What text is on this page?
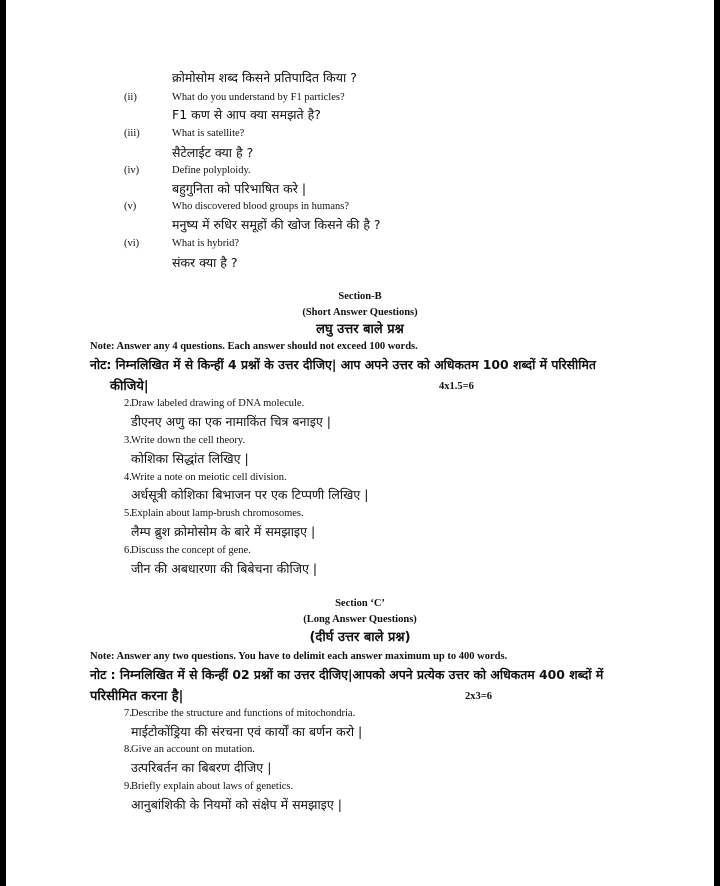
क्रोमोसोम शब्द किसने प्रतिपादित किया ?
(ii)	What do you understand by F1 particles?
F1 कण से आप क्या समझते है?
(iii)	What is satellite?
सैटेलाईट क्या है ?
(iv)	Define polyploidy.
बहुगुनिता को परिभाषित करे |
(v)	Who discovered blood groups in humans?
मनुष्य में रुधिर समूहों की खोज किसने की है ?
(vi)	What is hybrid?
संकर क्या है ?
Section-B
(Short Answer Questions)
लघु उत्तर बाले प्रश्न
Note: Answer any 4 questions. Each answer should not exceed 100 words.
नोट: निम्नलिखित में से किन्हीं 4 प्रश्नों के उत्तर दीजिए| आप अपने उत्तर को अधिकतम 100 शब्दों में परिसीमित
कीजिये|	4x1.5=6
2. Draw labeled drawing of DNA molecule.
डीएनए अणु का एक नामाकिंत चित्र बनाइए |
3. Write down the cell theory.
कोशिका सिद्धांत लिखिए |
4. Write a note on meiotic cell division.
अर्धसूत्री कोशिका बिभाजन पर एक टिप्पणी लिखिए |
5. Explain about lamp-brush chromosomes.
लैम्प ब्रुश क्रोमोसोम के बारे में समझाइए |
6. Discuss the concept of gene.
जीन की अबधारणा की बिबेचना कीजिए |
Section ‘C’
(Long Answer Questions)
(दीर्घ उत्तर बाले प्रश्न)
Note: Answer any two questions. You have to delimit each answer maximum up to 400 words.
नोट : निम्नलिखित में से किन्हीं 02 प्रश्नों का उत्तर दीजिए|आपको अपने प्रत्येक उत्तर को अधिकतम 400 शब्दों में
परिसीमित करना है|	2x3=6
7. Describe the structure and functions of mitochondria.
माईटोकोंड्रिया की संरचना एवं कार्यों का बर्णन करो |
8. Give an account on mutation.
उत्परिबर्तन का बिबरण दीजिए |
9. Briefly explain about laws of genetics.
आनुबांशिकी के नियमों को संक्षेप में समझाइए |
